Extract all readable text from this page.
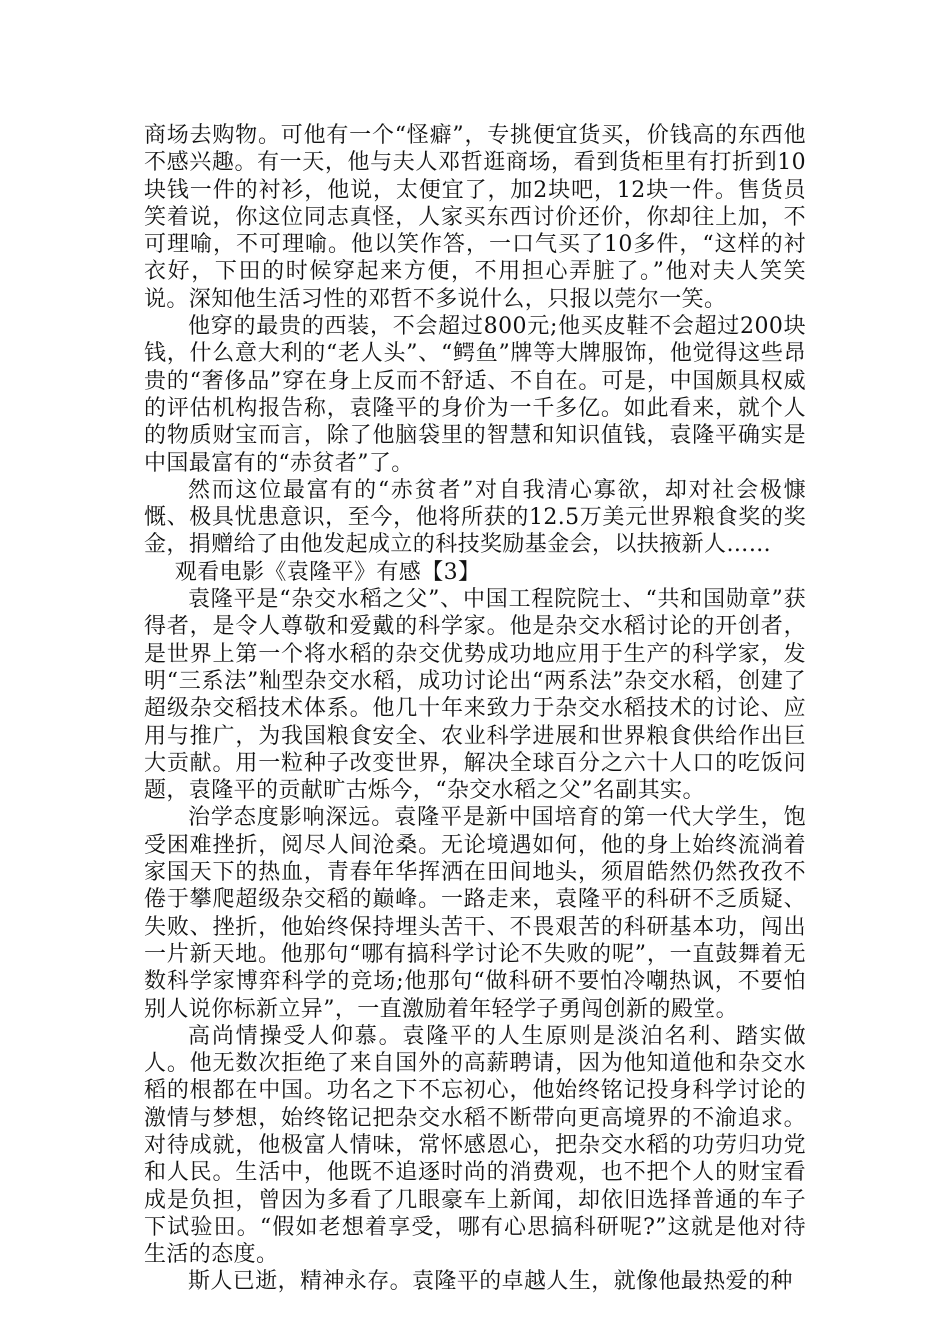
商场去购物。可他有一个“怪癖”，专挑便宜货买，价钱高的东西他不感兴趣。有一天，他与夫人邓哲逛商场，看到货柜里有打折到10块钱一件的衬衫，他说，太便宜了，加2块吧，12块一件。售货员笑着说，你这位同志真怪，人家买东西讨价还价，你却往上加，不可理喻，不可理喻。他以笑作答，一口气买了10多件，“这样的衬衣好，下田的时候穿起来方便，不用担心弄脏了。”他对夫人笑笑说。深知他生活习性的邓哲不多说什么，只报以莞尔一笑。

他穿的最贵的西装，不会超过800元;他买皮鞋不会超过200块钱，什么意大利的“老人头”、“鳄鱼”牌等大牌服饰，他觉得这些昂贵的“奢侈品”穿在身上反而不舒适、不自在。可是，中国颇具权威的评估机构报告称，袁隆平的身价为一千多亿。如此看来，就个人的物质财宝而言，除了他脑袋里的智慧和知识值钱，袁隆平确实是中国最富有的“赤贫者”了。

然而这位最富有的“赤贫者”对自我清心寡欲，却对社会极慷慨、极具忧患意识，至今，他将所获的12.5万美元世界粮食奖的奖金，捐赠给了由他发起成立的科技奖励基金会，以扶掖新人……

观看电影《袁隆平》有感【3】

袁隆平是“杂交水稻之父”、中国工程院院士、“共和国勋章”获得者，是令人尊敬和爱戴的科学家。他是杂交水稻讨论的开创者，是世界上第一个将水稻的杂交优势成功地应用于生产的科学家，发明“三系法”籼型杂交水稻，成功讨论出“两系法”杂交水稻，创建了超级杂交稻技术体系。他几十年来致力于杂交水稻技术的讨论、应用与推广，为我国粮食安全、农业科学进展和世界粮食供给作出巨大贡献。用一粒种子改变世界，解决全球百分之六十人口的吃饭问题，袁隆平的贡献旷古烁今，“杂交水稻之父”名副其实。

治学态度影响深远。袁隆平是新中国培育的第一代大学生，饱受困难挫折，阅尽人间沧桑。无论境遇如何，他的身上始终流淌着家国天下的热血，青春年华挥洒在田间地头，须眉皓然仍然孜孜不倦于攀爬超级杂交稻的巅峰。一路走来，袁隆平的科研不乏质疑、失败、挫折，他始终保持埋头苦干、不畏艰苦的科研基本功，闯出一片新天地。他那句“哪有搞科学讨论不失败的呢”，一直鼓舞着无数科学家博弈科学的竞场;他那句“做科研不要怕冷嘲热讽，不要怕别人说你标新立异”，一直激励着年轻学子勇闯创新的殿堂。

高尚情操受人仰慕。袁隆平的人生原则是淡泊名利、踏实做人。他无数次拒绝了来自国外的高薪聘请，因为他知道他和杂交水稻的根都在中国。功名之下不忘初心，他始终铭记投身科学讨论的激情与梦想，始终铭记把杂交水稻不断带向更高境界的不渝追求。对待成就，他极富人情味，常怀感恩心，把杂交水稻的功劳归功党和人民。生活中，他既不追逐时尚的消费观，也不把个人的财宝看成是负担，曾因为多看了几眼豪车上新闻，却依旧选择普通的车子下试验田。“假如老想着享受，哪有心思搞科研呢?”这就是他对待生活的态度。

斯人已逝，精神永存。袁隆平的卓越人生，就像他最热爱的种
